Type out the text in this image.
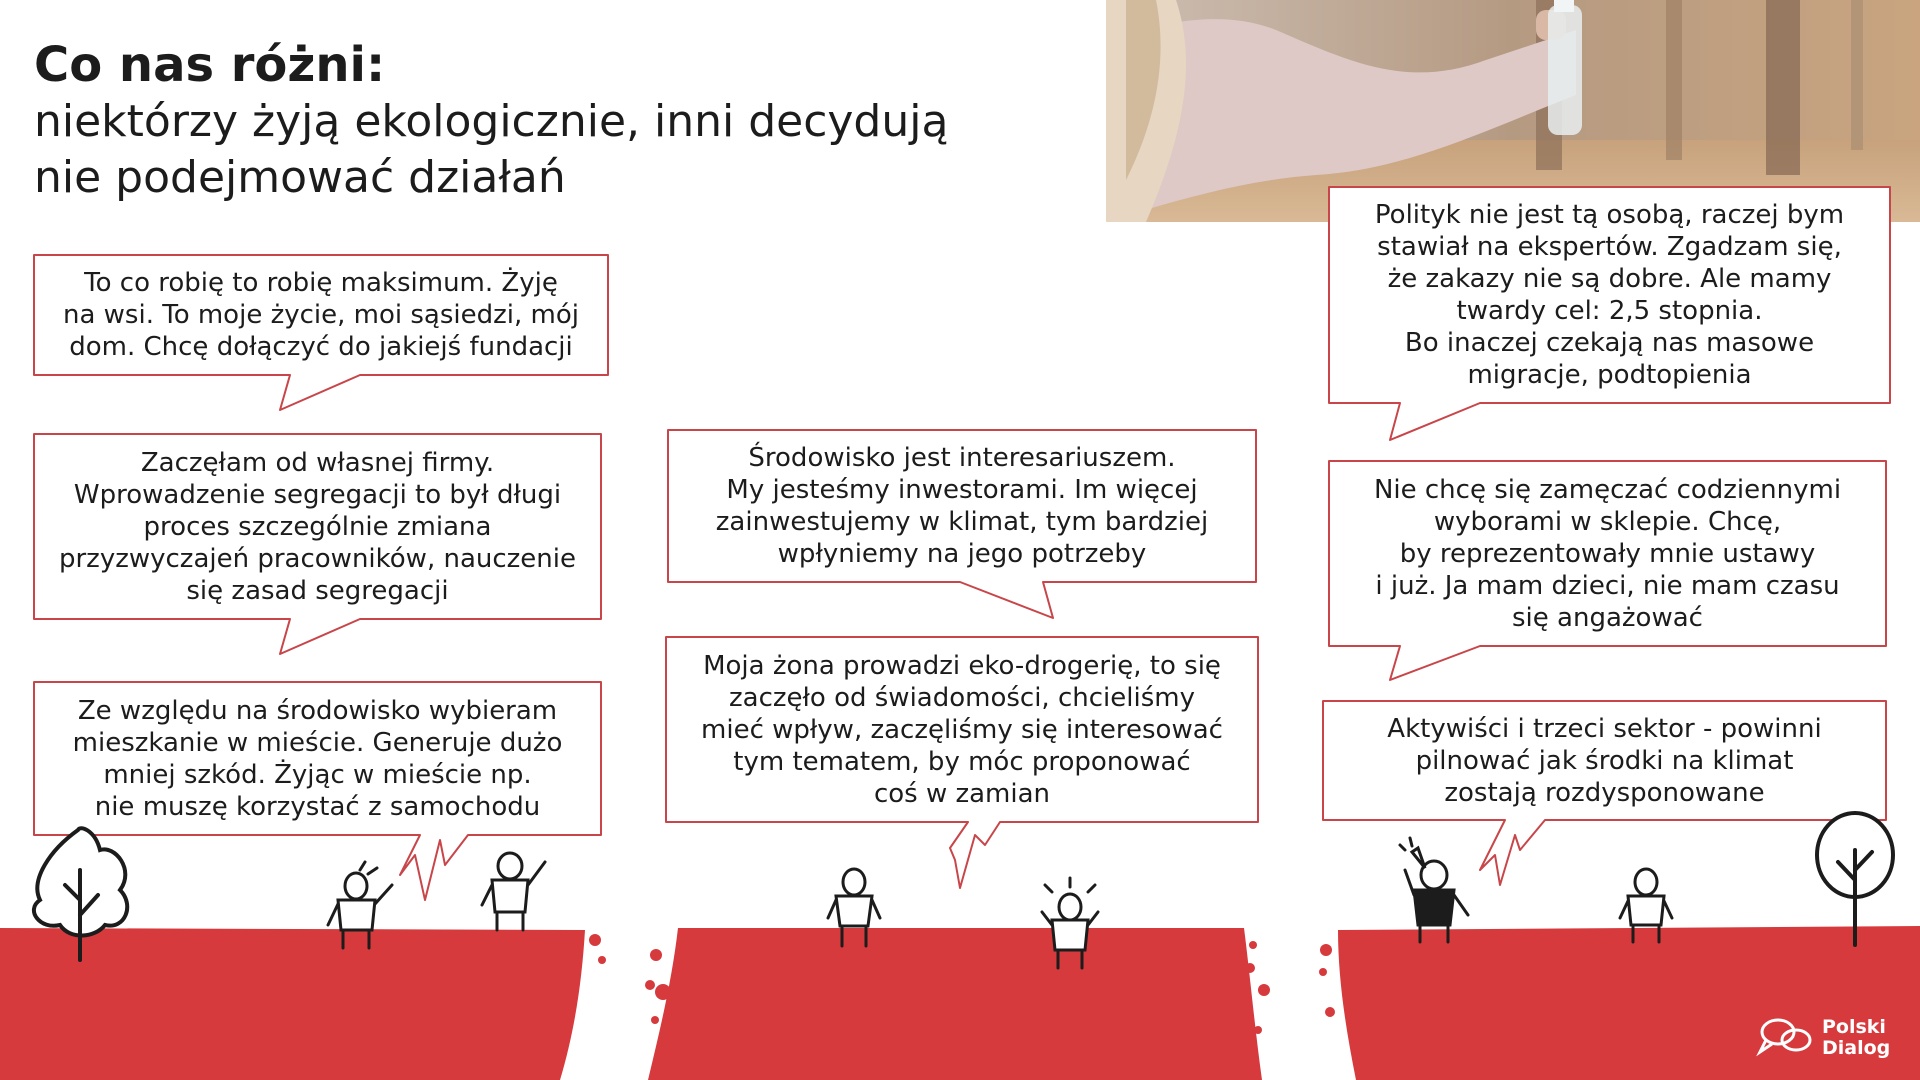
Co nas różni:
niektórzy żyją ekologicznie, inni decydują
nie podejmować działań
To co robię to robię maksimum. Żyję
na wsi. To moje życie, moi sąsiedzi, mój
dom. Chcę dołączyć do jakiejś fundacji
Zaczęłam od własnej firmy.
Wprowadzenie segregacji to był długi
proces szczególnie zmiana
przyzwyczajeń pracowników, nauczenie
się zasad segregacji
Ze względu na środowisko wybieram
mieszkanie w mieście. Generuje dużo
mniej szkód. Żyjąc w mieście np.
nie muszę korzystać z samochodu
Środowisko jest interesariuszem.
My jesteśmy inwestorami. Im więcej
zainwestujemy w klimat, tym bardziej
wpłyniemy na jego potrzeby
Moja żona prowadzi eko-drogerię, to się
zaczęło od świadomości, chcieliśmy
mieć wpływ, zaczęliśmy się interesować
tym tematem, by móc proponować
coś w zamian
Polityk nie jest tą osobą, raczej bym
stawiał na ekspertów. Zgadzam się,
że zakazy nie są dobre. Ale mamy
twardy cel: 2,5 stopnia.
Bo inaczej czekają nas masowe
migracje, podtopienia
Nie chcę się zamęczać codziennymi
wyborami w sklepie. Chcę,
by reprezentowały mnie ustawy
i już. Ja mam dzieci, nie mam czasu
się angażować
Aktywiści i trzeci sektor - powinni
pilnować jak środki na klimat
zostają rozdysponowane
Polski
Dialog
